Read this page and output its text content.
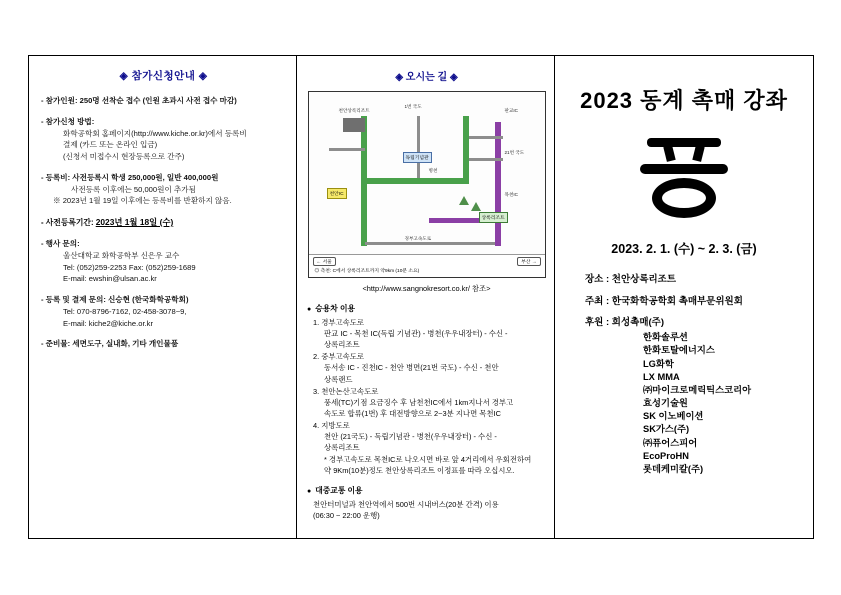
◈ 참가신청안내 ◈
- 참가인원: 250명 선착순 접수 (인원 초과시 사전 접수 마감)
- 참가신청 방법:
화학공학회 홈페이지(http://www.kiche.or.kr)에서 등록비
결제 (카드 또는 온라인 입금)
(신청서 미접수시 현장등록으로 간주)
- 등록비: 사전등록시 학생 250,000원, 일반 400,000원
사전등록 이후에는 50,000원이 추가됨
※ 2023년 1월 19일 이후에는 등록비를 반환하지 않음.
- 사전등록기간: 2023년 1월 18일 (수)
- 행사 문의:
울산대학교 화학공학부 신은우 교수
Tel: (052)259-2253 Fax: (052)259-1689
E-mail: ewshin@ulsan.ac.kr
- 등록 및 결제 문의: 신승현 (한국화학공학회)
Tel: 070-8796-7162, 02-458-3078~9,
E-mail: kiche2@kiche.or.kr
- 준비물: 세면도구, 실내화, 기타 개인물품
◈ 오시는 길 ◈
천안상록리조트
1번 국도
판교IC
21번 국도
병천
경부고속도로
목천IC
천안IC
독립기념관
상록리조트
← 서울	부산 →
◎ 측천: C에서 상록리조트까지 약9km (10분 소요)
<http://www.sangnokresort.co.kr/ 참조>
● 승용차 이용
1. 경부고속도로
판교 IC - 목천 IC(독립 기념관) - 병천(우우내장터) - 수신 -
상록리조트
2. 중부고속도로
동서송 IC - 진천IC - 천안 병면(21번 국도) - 수신 - 천안
상록랜드
3. 천안논산고속도로
풍세(TC)기점 요금징수 후 남천천IC에서 1km지나서 경부고
속도로 합류(1번) 후 대전방향으로 2~3분 지나면 목천IC
4. 지방도로
천안 (21국도) - 독립기념관 - 병천(우우내장터) - 수신 -
상록리조트
* 경부고속도로 목천IC로 나오시면 바로 앞 4거리에서 우회전하여
약 9Km(10분)정도 천안상록리조트 이정표를 따라 오십시오.
● 대중교통 이용
천안터미널과 천안역에서 500번 시내버스(20분 간격) 이용
(06:30 ~ 22:00 운행)
2023 동계 촉매 강좌
2023. 2. 1. (수) ~ 2. 3. (금)
장소 : 천안상록리조트
주최 : 한국화학공학회 촉매부문위원회
후원 : 희성촉매(주)
한화솔루션
한화토탈에너지스
LG화학
LX MMA
㈜마이크로메릭틱스코리아
효성기술원
SK 이노베이션
SK가스(주)
㈜퓨어스피어
EcoProHN
롯데케미칼(주)
